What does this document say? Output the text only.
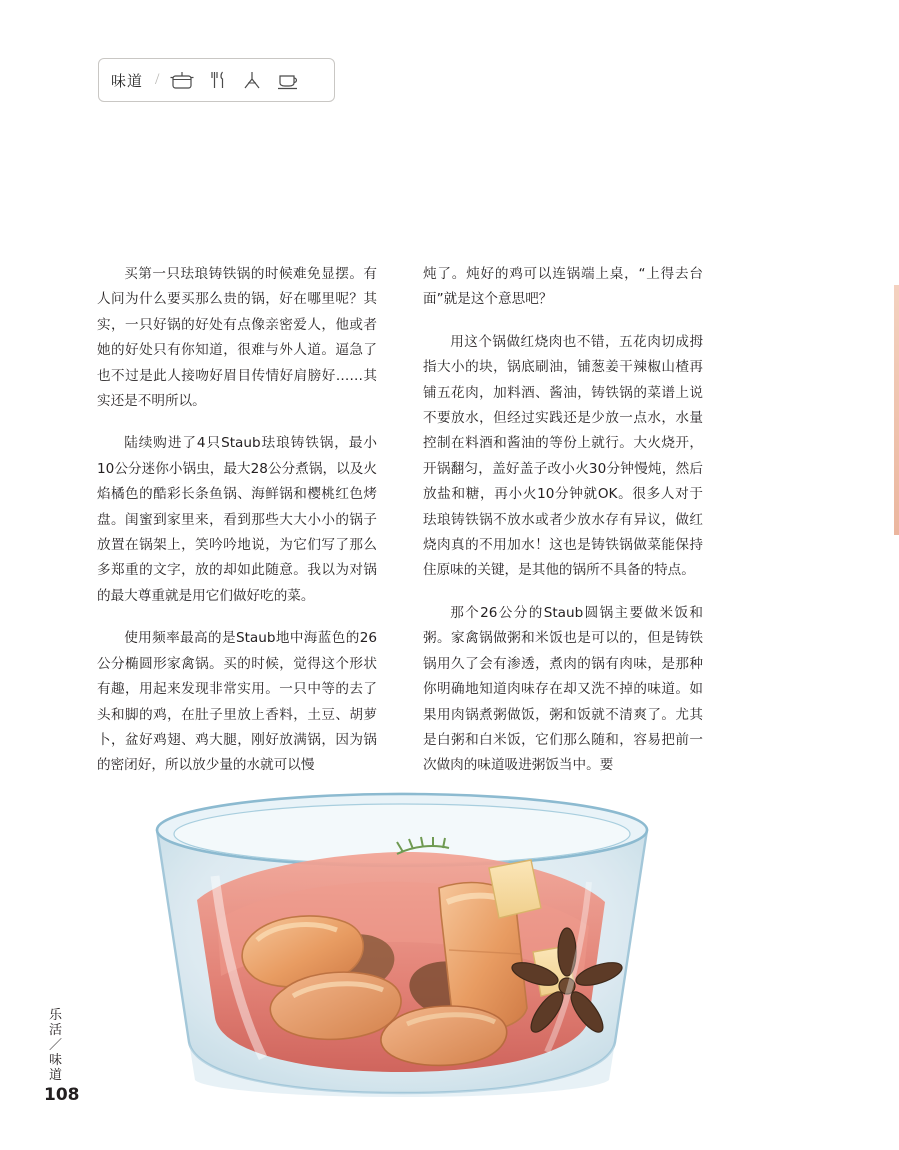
味道 /

买第一只珐琅铸铁锅的时候难免显摆。有人问为什么要买那么贵的锅，好在哪里呢？其实，一只好锅的好处有点像亲密爱人，他或者她的好处只有你知道，很难与外人道。逼急了也不过是此人接吻好眉目传情好肩膀好……其实还是不明所以。

陆续购进了4只Staub珐琅铸铁锅，最小10公分迷你小锅虫，最大28公分煮锅，以及火焰橘色的酷彩长条鱼锅、海鲜锅和樱桃红色烤盘。闺蜜到家里来，看到那些大大小小的锅子放置在锅架上，笑吟吟地说，为它们写了那么多郑重的文字，放的却如此随意。我以为对锅的最大尊重就是用它们做好吃的菜。

使用频率最高的是Staub地中海蓝色的26公分椭圆形家禽锅。买的时候，觉得这个形状有趣，用起来发现非常实用。一只中等的去了头和脚的鸡，在肚子里放上香料，土豆、胡萝卜，盆好鸡翅、鸡大腿，刚好放满锅，因为锅的密闭好，所以放少量的水就可以慢

炖了。炖好的鸡可以连锅端上桌，“上得去台面”就是这个意思吧？

用这个锅做红烧肉也不错，五花肉切成拇指大小的块，锅底刷油，铺葱姜干辣椒山楂再铺五花肉，加料酒、酱油，铸铁锅的菜谱上说不要放水，但经过实践还是少放一点水，水量控制在料酒和酱油的等份上就行。大火烧开，开锅翻匀，盖好盖子改小火30分钟慢炖，然后放盐和糖，再小火10分钟就OK。很多人对于珐琅铸铁锅不放水或者少放水存有异议，做红烧肉真的不用加水！这也是铸铁锅做菜能保持住原味的关键，是其他的锅所不具备的特点。

那个26公分的Staub圆锅主要做米饭和粥。家禽锅做粥和米饭也是可以的，但是铸铁锅用久了会有渗透，煮肉的锅有肉味，是那种你明确地知道肉味存在却又洗不掉的味道。如果用肉锅煮粥做饭，粥和饭就不清爽了。尤其是白粥和白米饭，它们那么随和，容易把前一次做肉的味道吸进粥饭当中。要

乐活／味道
108
